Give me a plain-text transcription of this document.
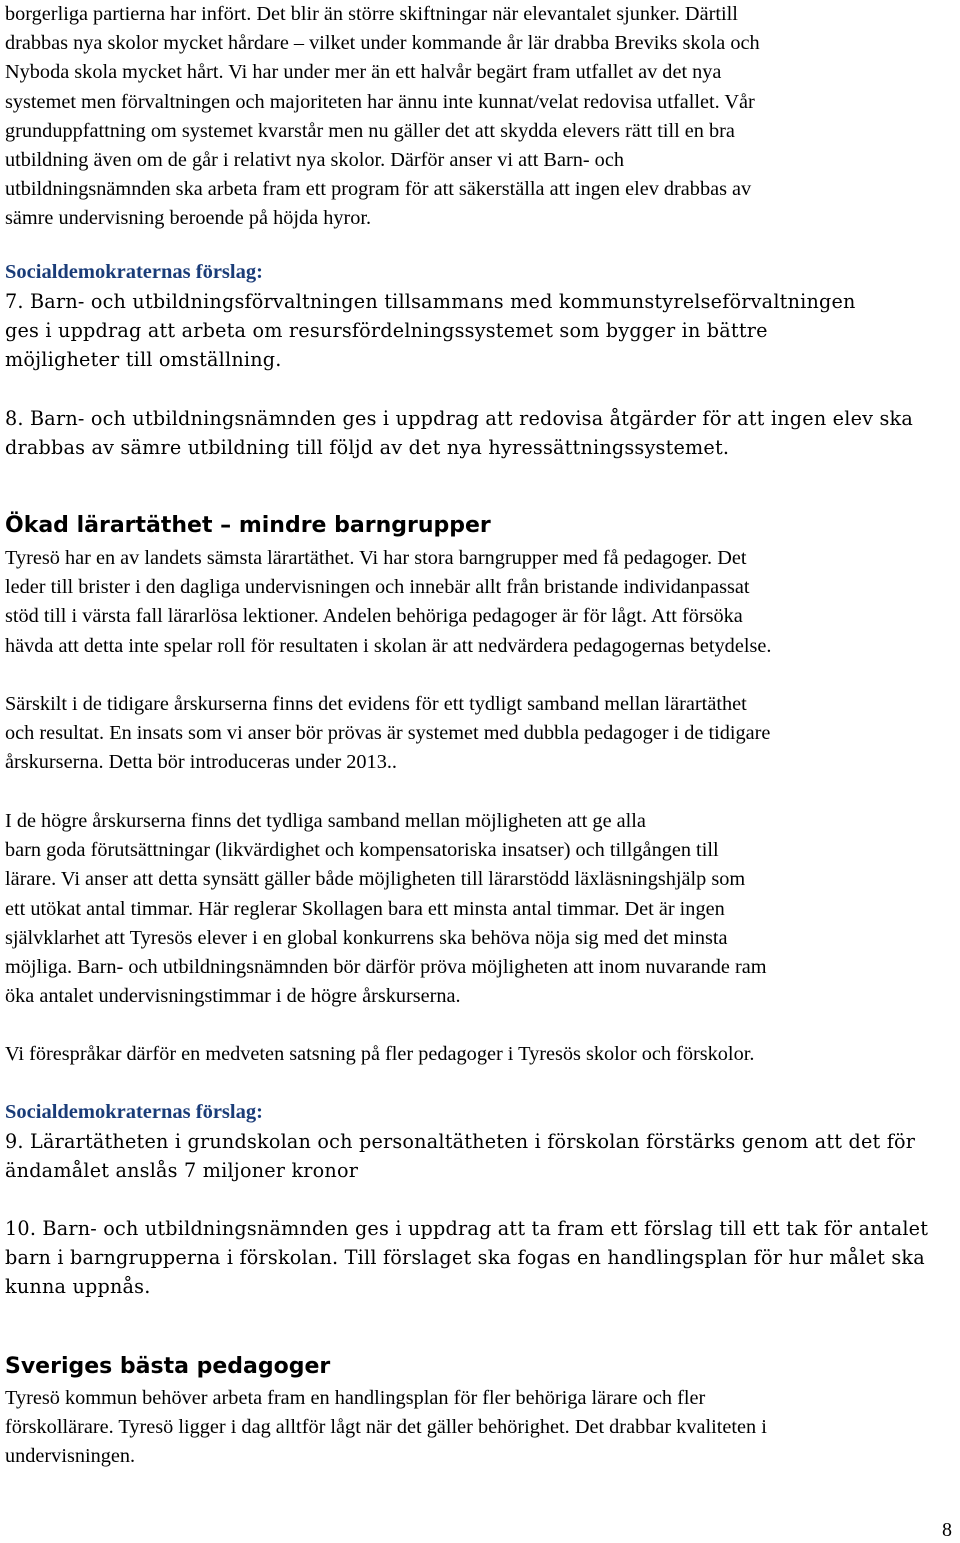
borgerliga partierna har infört. Det blir än större skiftningar när elevantalet sjunker. Därtill

drabbas nya skolor mycket hårdare – vilket under kommande år lär drabba Breviks skola och

Nyboda skola mycket hårt. Vi har under mer än ett halvår begärt fram utfallet av det nya

systemet men förvaltningen och majoriteten har ännu inte kunnat/velat redovisa utfallet. Vår

grunduppfattning om systemet kvarstår men nu gäller det att skydda elevers rätt till en bra

utbildning även om de går i relativt nya skolor. Därför anser vi att Barn- och

utbildningsnämnden ska arbeta fram ett program för att säkerställa att ingen elev drabbas av

sämre undervisning beroende på höjda hyror.

Socialdemokraternas förslag:

7. Barn- och utbildningsförvaltningen tillsammans med kommunstyrelseförvaltningen

ges i uppdrag att arbeta om resursfördelningssystemet som bygger in bättre

möjligheter till omställning.

8. Barn- och utbildningsnämnden ges i uppdrag att redovisa åtgärder för att ingen elev ska

drabbas av sämre utbildning till följd av det nya hyressättningssystemet.

Ökad lärartäthet – mindre barngrupper

Tyresö har en av landets sämsta lärartäthet. Vi har stora barngrupper med få pedagoger. Det

leder till brister i den dagliga undervisningen och innebär allt från bristande individanpassat

stöd till i värsta fall lärarlösa lektioner. Andelen behöriga pedagoger är för lågt. Att försöka

hävda att detta inte spelar roll för resultaten i skolan är att nedvärdera pedagogernas betydelse.

Särskilt i de tidigare årskurserna finns det evidens för ett tydligt samband mellan lärartäthet

och resultat. En insats som vi anser bör prövas är systemet med dubbla pedagoger i de tidigare

årskurserna. Detta bör introduceras under 2013..

I de högre årskurserna finns det tydliga samband mellan möjligheten att ge alla

barn goda förutsättningar (likvärdighet och kompensatoriska insatser) och tillgången till

lärare. Vi anser att detta synsätt gäller både möjligheten till lärarstödd läxläsningshjälp som

ett utökat antal timmar. Här reglerar Skollagen bara ett minsta antal timmar. Det är ingen

självklarhet att Tyresös elever i en global konkurrens ska behöva nöja sig med det minsta

möjliga. Barn- och utbildningsnämnden bör därför pröva möjligheten att inom nuvarande ram

öka antalet undervisningstimmar i de högre årskurserna.

Vi förespråkar därför en medveten satsning på fler pedagoger i Tyresös skolor och förskolor.

Socialdemokraternas förslag:

9. Lärartätheten i grundskolan och personaltätheten i förskolan förstärks genom att det för

ändamålet anslås 7 miljoner kronor

10. Barn- och utbildningsnämnden ges i uppdrag att ta fram ett förslag till ett tak för antalet

barn i barngrupperna i förskolan. Till förslaget ska fogas en handlingsplan för hur målet ska

kunna uppnås.

Sveriges bästa pedagoger

Tyresö kommun behöver arbeta fram en handlingsplan för fler behöriga lärare och fler

förskollärare. Tyresö ligger i dag alltför lågt när det gäller behörighet. Det drabbar kvaliteten i

undervisningen.

8
